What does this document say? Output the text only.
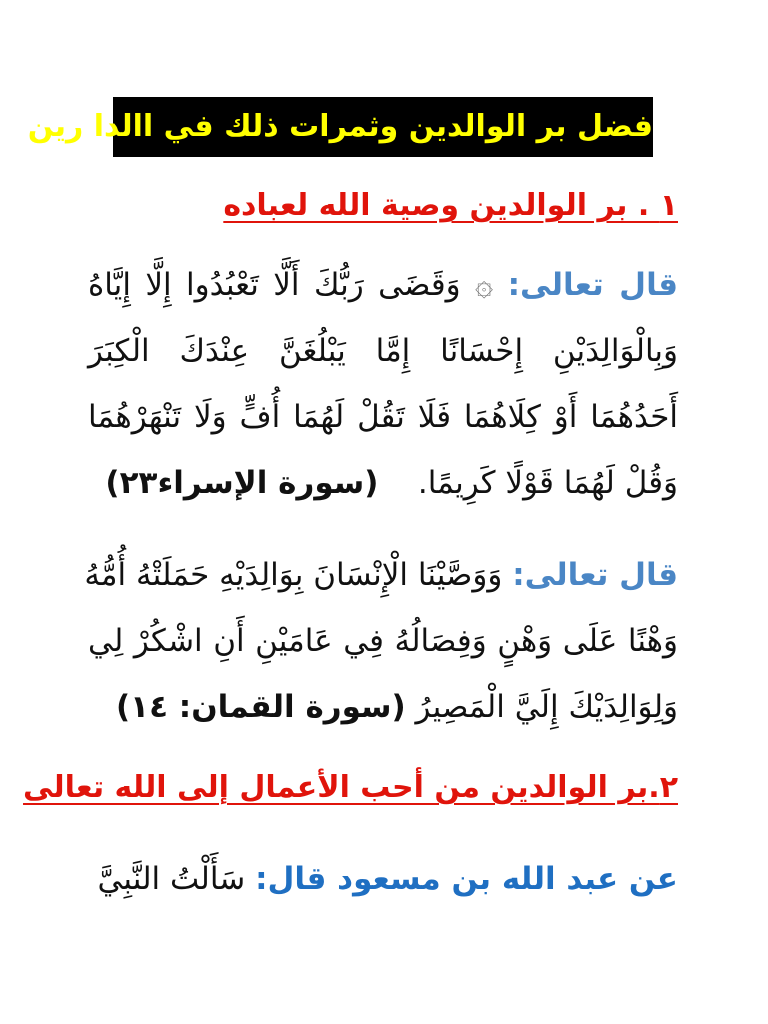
فضل بر الوالدين وثمرات ذلك في االدا رين
١ . بر الوالدين وصية الله لعباده
قال تعالى: ۞ وَقَضَى رَبُّكَ أَلَّا تَعْبُدُوا إِلَّا إِيَّاهُ
وَبِالْوَالِدَيْنِ إِحْسَانًا إِمَّا يَبْلُغَنَّ عِنْدَكَ الْكِبَرَ
أَحَدُهُمَا أَوْ كِلَاهُمَا فَلَا تَقُلْ لَهُمَا أُفٍّ وَلَا تَنْهَرْهُمَا
وَقُلْ لَهُمَا قَوْلًا كَرِيمًا.    (سورة الإسراء٢٣)
قال تعالى: وَوَصَّيْنَا الْإِنْسَانَ بِوَالِدَيْهِ حَمَلَتْهُ أُمُّهُ
وَهْنًا عَلَى وَهْنٍ وَفِصَالُهُ فِي عَامَيْنِ أَنِ اشْكُرْ لِي
وَلِوَالِدَيْكَ إِلَيَّ الْمَصِيرُ (سورة القمان: ١٤)
٢.بر الوالدين من أحب الأعمال إلى الله تعالى
عن عبد الله بن مسعود قال: سَأَلْتُ النَّبِيَّ
